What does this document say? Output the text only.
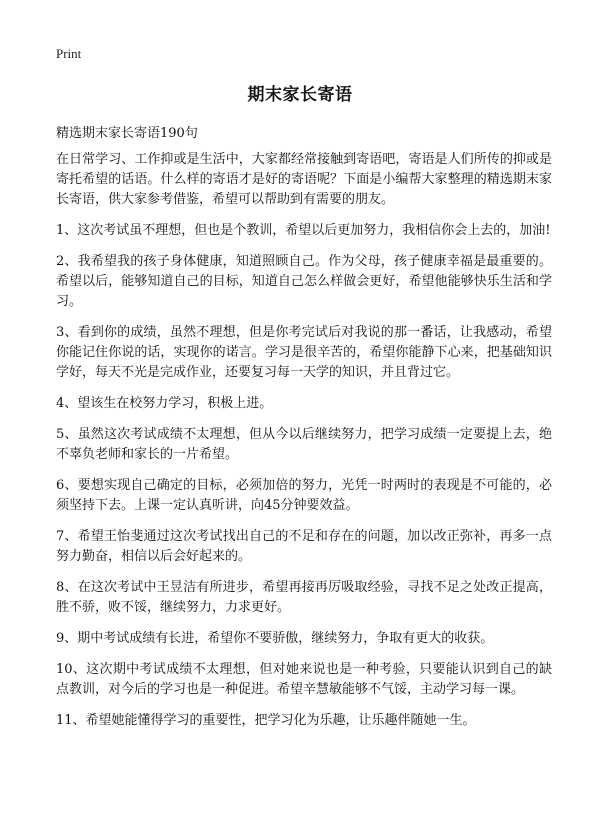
Print
期末家长寄语

精选期末家长寄语190句

在日常学习、工作抑或是生活中，大家都经常接触到寄语吧，寄语是人们所传的抑或是寄托希望的话语。什么样的寄语才是好的寄语呢？下面是小编帮大家整理的精选期末家长寄语，供大家参考借鉴，希望可以帮助到有需要的朋友。

1、这次考试虽不理想，但也是个教训，希望以后更加努力，我相信你会上去的，加油!

2、我希望我的孩子身体健康，知道照顾自己。作为父母，孩子健康幸福是最重要的。希望以后，能够知道自己的目标，知道自己怎么样做会更好，希望他能够快乐生活和学习。

3、看到你的成绩，虽然不理想，但是你考完试后对我说的那一番话，让我感动，希望你能记住你说的话，实现你的诺言。学习是很辛苦的，希望你能静下心来，把基础知识学好，每天不光是完成作业，还要复习每一天学的知识，并且背过它。

4、望该生在校努力学习，积极上进。

5、虽然这次考试成绩不太理想，但从今以后继续努力，把学习成绩一定要提上去，绝不辜负老师和家长的一片希望。

6、要想实现自己确定的目标，必须加倍的努力，光凭一时两时的表现是不可能的，必须坚持下去。上课一定认真听讲，向45分钟要效益。

7、希望王怡斐通过这次考试找出自己的不足和存在的问题，加以改正弥补，再多一点努力勤奋，相信以后会好起来的。

8、在这次考试中王昱洁有所进步，希望再接再厉吸取经验，寻找不足之处改正提高，胜不骄，败不馁，继续努力，力求更好。

9、期中考试成绩有长进，希望你不要骄傲，继续努力，争取有更大的收获。

10、这次期中考试成绩不太理想，但对她来说也是一种考验，只要能认识到自己的缺点教训，对今后的学习也是一种促进。希望辛慧敏能够不气馁，主动学习每一课。

11、希望她能懂得学习的重要性，把学习化为乐趣，让乐趣伴随她一生。
